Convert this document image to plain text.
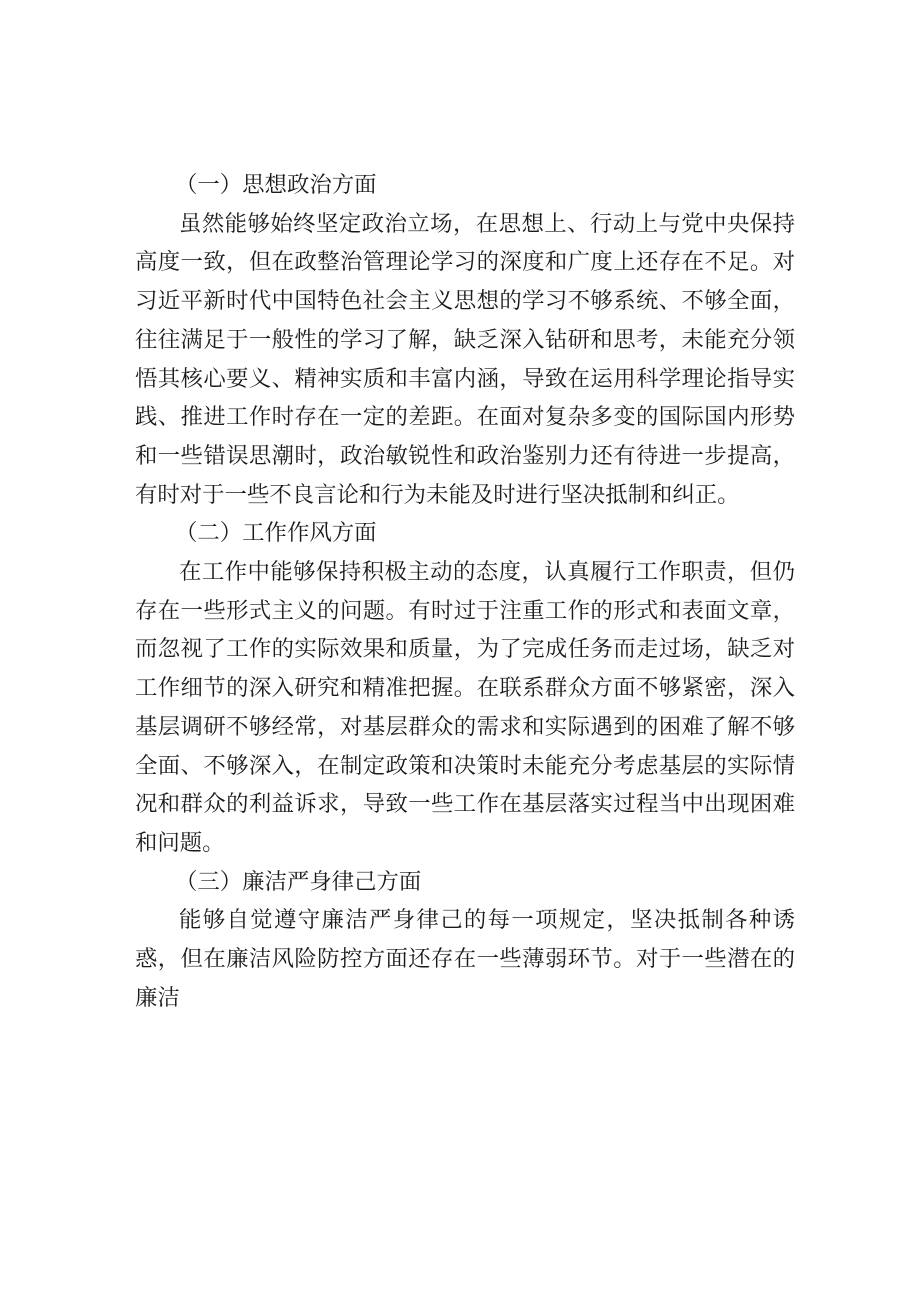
（一）思想政治方面

虽然能够始终坚定政治立场，在思想上、行动上与党中央保持高度一致，但在政整治管理论学习的深度和广度上还存在不足。对习近平新时代中国特色社会主义思想的学习不够系统、不够全面，往往满足于一般性的学习了解，缺乏深入钻研和思考，未能充分领悟其核心要义、精神实质和丰富内涵，导致在运用科学理论指导实践、推进工作时存在一定的差距。在面对复杂多变的国际国内形势和一些错误思潮时，政治敏锐性和政治鉴别力还有待进一步提高，有时对于一些不良言论和行为未能及时进行坚决抵制和纠正。

（二）工作作风方面

在工作中能够保持积极主动的态度，认真履行工作职责，但仍存在一些形式主义的问题。有时过于注重工作的形式和表面文章，而忽视了工作的实际效果和质量，为了完成任务而走过场，缺乏对工作细节的深入研究和精准把握。在联系群众方面不够紧密，深入基层调研不够经常，对基层群众的需求和实际遇到的困难了解不够全面、不够深入，在制定政策和决策时未能充分考虑基层的实际情况和群众的利益诉求，导致一些工作在基层落实过程当中出现困难和问题。

（三）廉洁严身律己方面

能够自觉遵守廉洁严身律己的每一项规定，坚决抵制各种诱惑，但在廉洁风险防控方面还存在一些薄弱环节。对于一些潜在的廉洁
